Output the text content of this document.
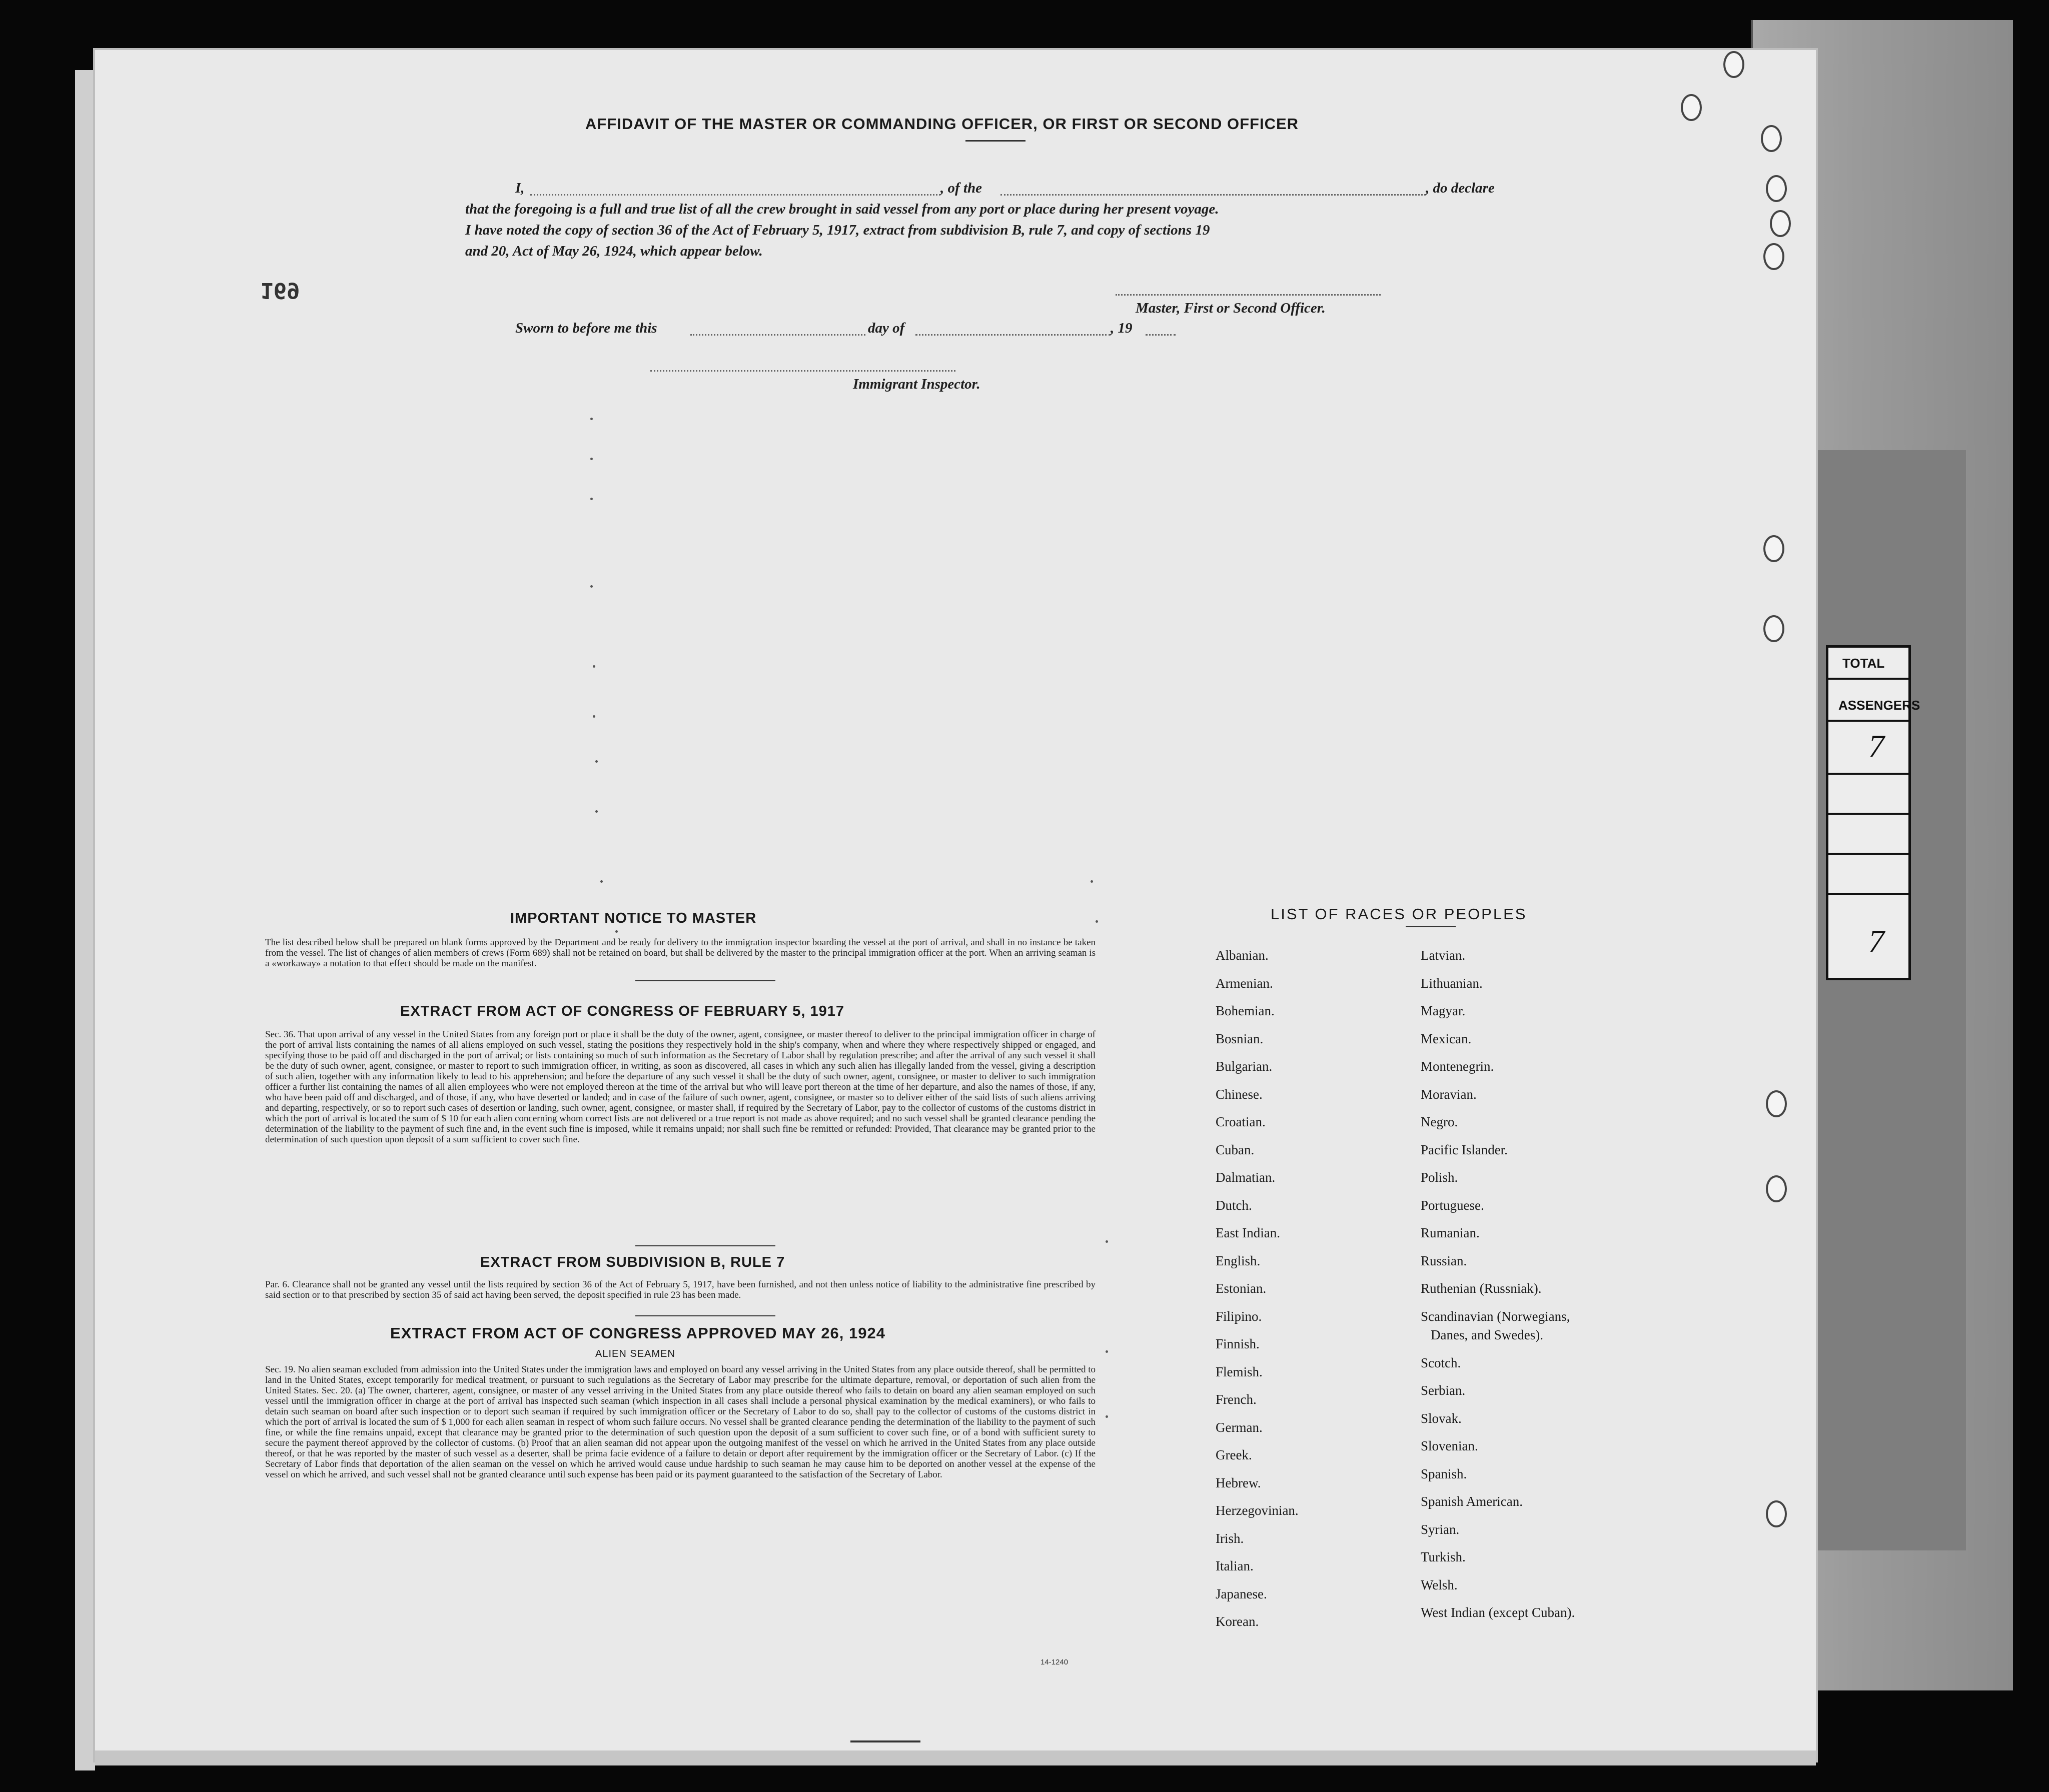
TOTAL
ASSENGERS
7
7
169
AFFIDAVIT OF THE MASTER OR COMMANDING OFFICER, OR FIRST OR SECOND OFFICER
I,	, of the	, do declare
that the foregoing is a full and true list of all the crew brought in said vessel from any port or place during her present voyage.
I have noted the copy of section 36 of the Act of February 5, 1917, extract from subdivision B, rule 7, and copy of sections 19
and 20, Act of May 26, 1924, which appear below.
Master, First or Second Officer.
Sworn to before me this	day of	, 19
Immigrant Inspector.
IMPORTANT NOTICE TO MASTER
The list described below shall be prepared on blank forms approved by the Department and be ready for delivery to the immigration inspector boarding the vessel at the port of arrival, and shall in no instance be taken from the vessel. The list of changes of alien members of crews (Form 689) shall not be retained on board, but shall be delivered by the master to the principal immigration officer at the port. When an arriving seaman is a «workaway» a notation to that effect should be made on the manifest.
EXTRACT FROM ACT OF CONGRESS OF FEBRUARY 5, 1917
Sec. 36. That upon arrival of any vessel in the United States from any foreign port or place it shall be the duty of the owner, agent, consignee, or master thereof to deliver to the principal immigration officer in charge of the port of arrival lists containing the names of all aliens employed on such vessel, stating the positions they respectively hold in the ship's company, when and where they where respectively shipped or engaged, and specifying those to be paid off and discharged in the port of arrival; or lists containing so much of such information as the Secretary of Labor shall by regulation prescribe; and after the arrival of any such vessel it shall be the duty of such owner, agent, consignee, or master to report to such immigration officer, in writing, as soon as discovered, all cases in which any such alien has illegally landed from the vessel, giving a description of such alien, together with any information likely to lead to his apprehension; and before the departure of any such vessel it shall be the duty of such owner, agent, consignee, or master to deliver to such immigration officer a further list containing the names of all alien employees who were not employed thereon at the time of the arrival but who will leave port thereon at the time of her departure, and also the names of those, if any, who have been paid off and discharged, and of those, if any, who have deserted or landed; and in case of the failure of such owner, agent, consignee, or master so to deliver either of the said lists of such aliens arriving and departing, respectively, or so to report such cases of desertion or landing, such owner, agent, consignee, or master shall, if required by the Secretary of Labor, pay to the collector of customs of the customs district in which the port of arrival is located the sum of $ 10 for each alien concerning whom correct lists are not delivered or a true report is not made as above required; and no such vessel shall be granted clearance pending the determination of the liability to the payment of such fine and, in the event such fine is imposed, while it remains unpaid; nor shall such fine be remitted or refunded: Provided, That clearance may be granted prior to the determination of such question upon deposit of a sum sufficient to cover such fine.
EXTRACT FROM SUBDIVISION B, RULE 7
Par. 6. Clearance shall not be granted any vessel until the lists required by section 36 of the Act of February 5, 1917, have been furnished, and not then unless notice of liability to the administrative fine prescribed by said section or to that prescribed by section 35 of said act having been served, the deposit specified in rule 23 has been made.
EXTRACT FROM ACT OF CONGRESS APPROVED MAY 26, 1924
ALIEN SEAMEN
Sec. 19. No alien seaman excluded from admission into the United States under the immigration laws and employed on board any vessel arriving in the United States from any place outside thereof, shall be permitted to land in the United States, except temporarily for medical treatment, or pursuant to such regulations as the Secretary of Labor may prescribe for the ultimate departure, removal, or deportation of such alien from the United States. Sec. 20. (a) The owner, charterer, agent, consignee, or master of any vessel arriving in the United States from any place outside thereof who fails to detain on board any alien seaman employed on such vessel until the immigration officer in charge at the port of arrival has inspected such seaman (which inspection in all cases shall include a personal physical examination by the medical examiners), or who fails to detain such seaman on board after such inspection or to deport such seaman if required by such immigration officer or the Secretary of Labor to do so, shall pay to the collector of customs of the customs district in which the port of arrival is located the sum of $ 1,000 for each alien seaman in respect of whom such failure occurs. No vessel shall be granted clearance pending the determination of the liability to the payment of such fine, or while the fine remains unpaid, except that clearance may be granted prior to the determination of such question upon the deposit of a sum sufficient to cover such fine, or of a bond with sufficient surety to secure the payment thereof approved by the collector of customs. (b) Proof that an alien seaman did not appear upon the outgoing manifest of the vessel on which he arrived in the United States from any place outside thereof, or that he was reported by the master of such vessel as a deserter, shall be prima facie evidence of a failure to detain or deport after requirement by the immigration officer or the Secretary of Labor. (c) If the Secretary of Labor finds that deportation of the alien seaman on the vessel on which he arrived would cause undue hardship to such seaman he may cause him to be deported on another vessel at the expense of the vessel on which he arrived, and such vessel shall not be granted clearance until such expense has been paid or its payment guaranteed to the satisfaction of the Secretary of Labor.
14-1240
LIST OF RACES OR PEOPLES
Albanian.
Armenian.
Bohemian.
Bosnian.
Bulgarian.
Chinese.
Croatian.
Cuban.
Dalmatian.
Dutch.
East Indian.
English.
Estonian.
Filipino.
Finnish.
Flemish.
French.
German.
Greek.
Hebrew.
Herzegovinian.
Irish.
Italian.
Japanese.
Korean.
Latvian.
Lithuanian.
Magyar.
Mexican.
Montenegrin.
Moravian.
Negro.
Pacific Islander.
Polish.
Portuguese.
Rumanian.
Russian.
Ruthenian (Russniak).
Scandinavian (Norwegians,
Danes, and Swedes).
Scotch.
Serbian.
Slovak.
Slovenian.
Spanish.
Spanish American.
Syrian.
Turkish.
Welsh.
West Indian (except Cuban).
